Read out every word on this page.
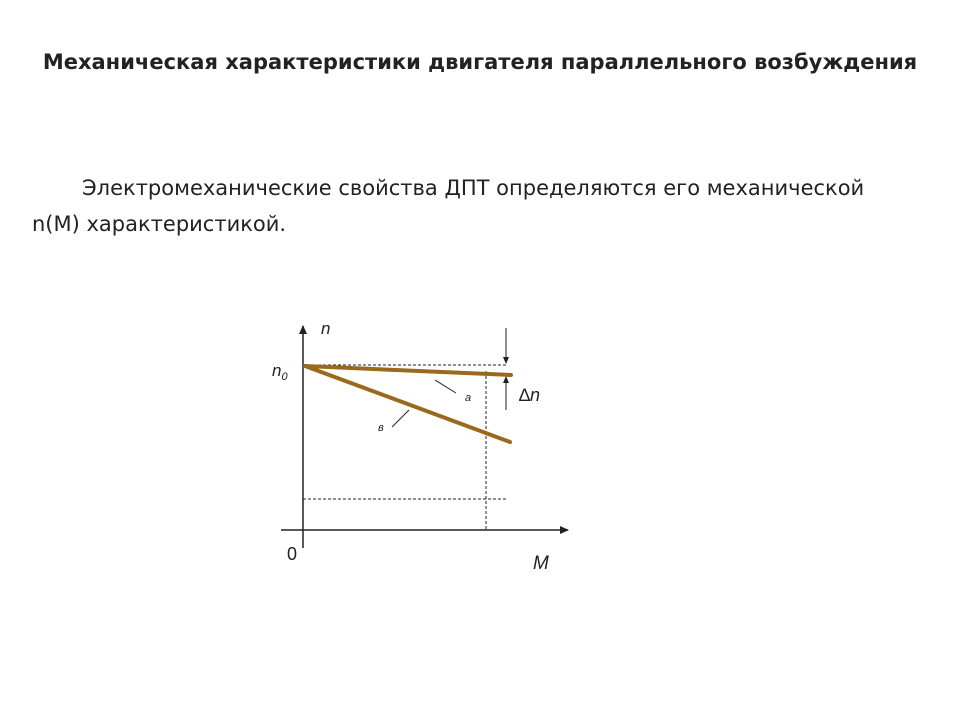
Механическая характеристики двигателя параллельного возбуждения

Электромеханические свойства ДПТ определяются его механической n(M) характеристикой.

n
M
0
$n_0$
∆n
а
в
